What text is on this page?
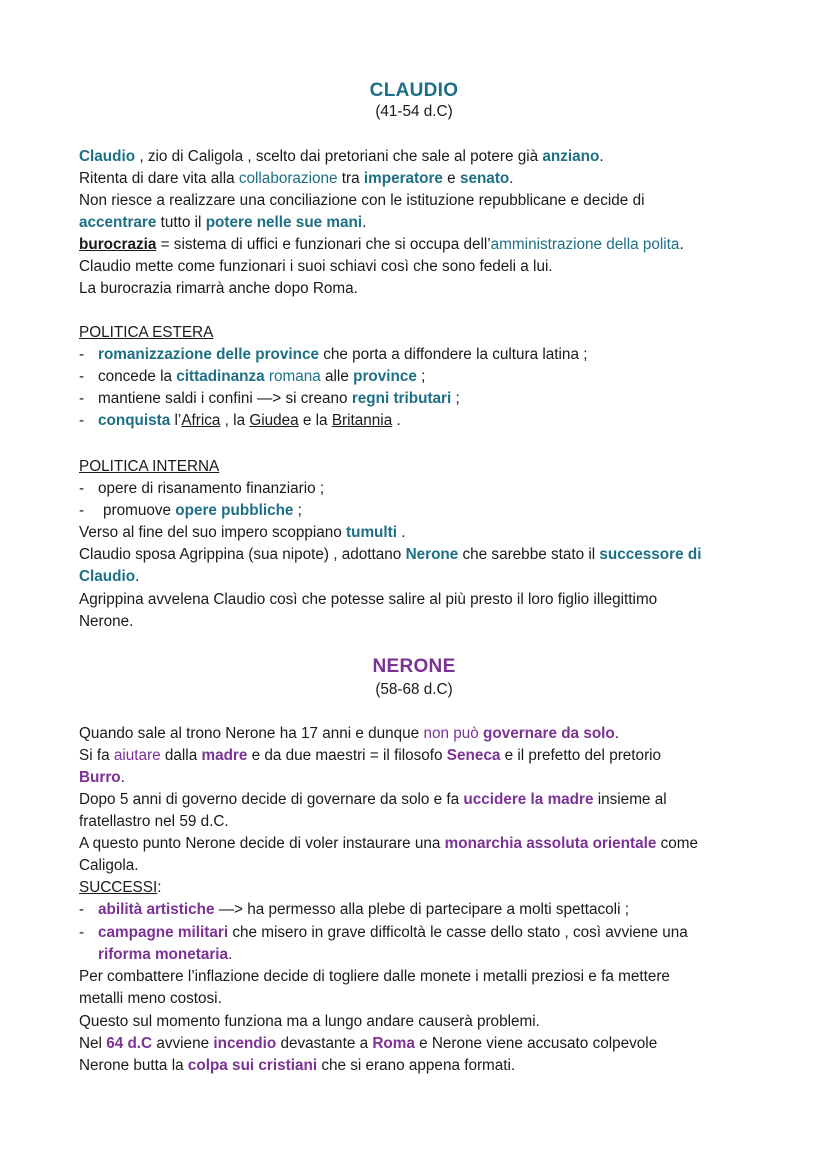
CLAUDIO
(41-54 d.C)
Claudio , zio di Caligola , scelto dai pretoriani che sale al potere già anziano.
Ritenta di dare vita alla collaborazione tra imperatore e senato.
Non riesce a realizzare una conciliazione con le istituzione repubblicane e decide di
accentrare tutto il potere nelle sue mani.
burocrazia = sistema di uffici e funzionari che si occupa dell’amministrazione della polita.
Claudio mette come funzionari i suoi schiavi così che sono fedeli a lui.
La burocrazia rimarrà anche dopo Roma.
POLITICA ESTERA
- romanizzazione delle province che porta a diffondere la cultura latina ;
- concede la cittadinanza romana alle province ;
- mantiene saldi i confini —> si creano regni tributari ;
- conquista l’Africa , la Giudea e la Britannia .
POLITICA INTERNA
- opere di risanamento finanziario ;
- promuove opere pubbliche ;
Verso al fine del suo impero scoppiano tumulti .
Claudio sposa Agrippina (sua nipote) , adottano Nerone che sarebbe stato il successore di
Claudio.
Agrippina avvelena Claudio così che potesse salire al più presto il loro figlio illegittimo
Nerone.
NERONE
(58-68 d.C)
Quando sale al trono Nerone ha 17 anni e dunque non può governare da solo.
Si fa aiutare dalla madre e da due maestri = il filosofo Seneca e il prefetto del pretorio
Burro.
Dopo 5 anni di governo decide di governare da solo e fa uccidere la madre insieme al
fratellastro nel 59 d.C.
A questo punto Nerone decide di voler instaurare una monarchia assoluta orientale come
Caligola.
SUCCESSI:
- abilità artistiche —> ha permesso alla plebe di partecipare a molti spettacoli ;
- campagne militari che misero in grave difficoltà le casse dello stato , così avviene una
riforma monetaria.
Per combattere l’inflazione decide di togliere dalle monete i metalli preziosi e fa mettere
metalli meno costosi.
Questo sul momento funziona ma a lungo andare causerà problemi.
Nel 64 d.C avviene incendio devastante a Roma e Nerone viene accusato colpevole
Nerone butta la colpa sui cristiani che si erano appena formati.
